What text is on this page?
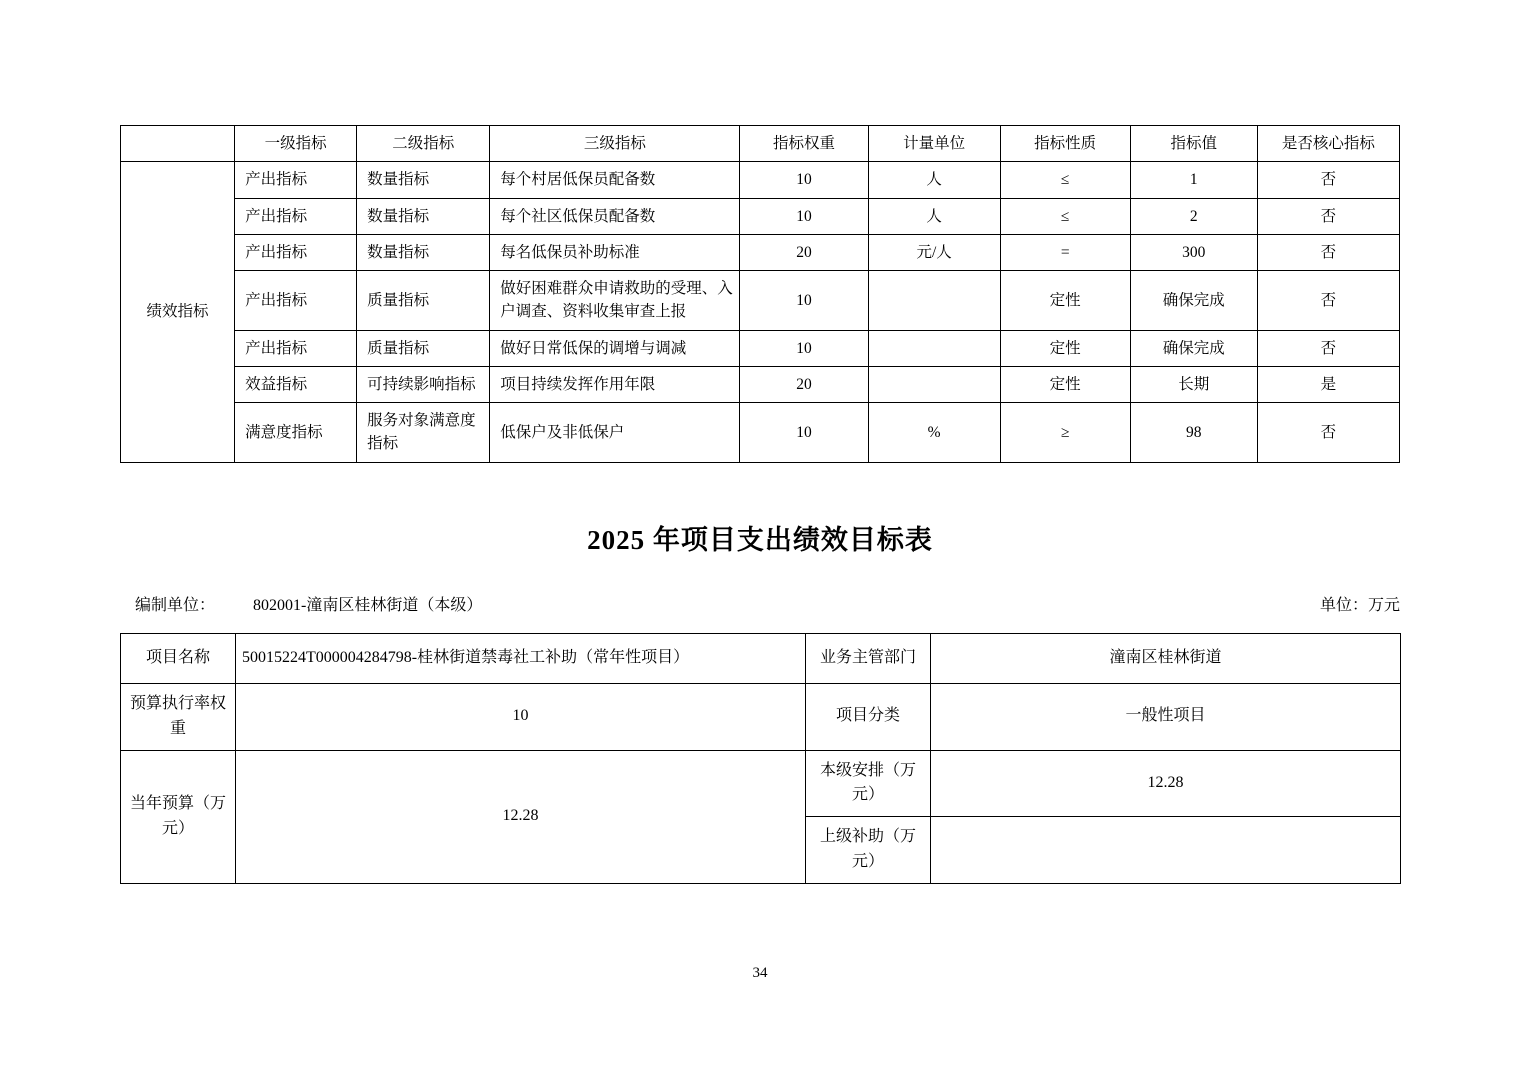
	一级指标	二级指标	三级指标	指标权重	计量单位	指标性质	指标值	是否核心指标
绩效指标	产出指标	数量指标	每个村居低保员配备数	10	人	≤	1	否
	产出指标	数量指标	每个社区低保员配备数	10	人	≤	2	否
	产出指标	数量指标	每名低保员补助标准	20	元/人	=	300	否
	产出指标	质量指标	做好困难群众申请救助的受理、入户调查、资料收集审查上报	10		定性	确保完成	否
	产出指标	质量指标	做好日常低保的调增与调减	10		定性	确保完成	否
	效益指标	可持续影响指标	项目持续发挥作用年限	20		定性	长期	是
	满意度指标	服务对象满意度指标	低保户及非低保户	10	%	≥	98	否
2025 年项目支出绩效目标表
编制单位： 802001-潼南区桂林街道（本级）	单位：万元
项目名称	50015224T000004284798-桂林街道禁毒社工补助（常年性项目）	业务主管部门	潼南区桂林街道
预算执行率权重	10	项目分类	一般性项目
当年预算（万元）	12.28	本级安排（万元）	12.28
		上级补助（万元）	
34
